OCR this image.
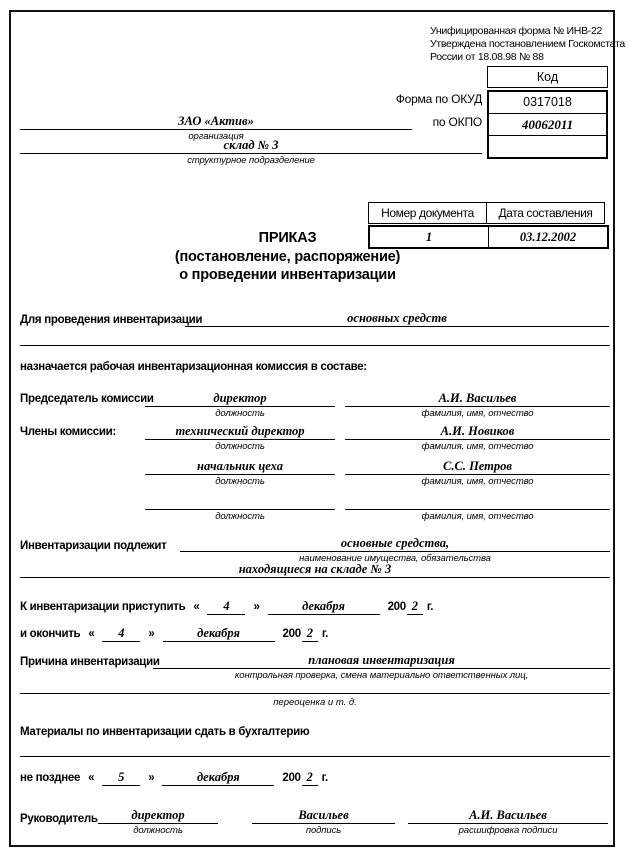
Унифицированная форма № ИНВ-22
Утверждена постановлением Госкомстата
России от 18.08.98 № 88
Код
0317018
40062011
Форма по ОКУД
по ОКПО
ЗАО «Актив»
организация
склад № 3
структурное подразделение
Номер документа	Дата составления
1	03.12.2002
ПРИКАЗ
(постановление, распоряжение)
о проведении инвентаризации
Для проведения инвентаризации	основных средств
назначается рабочая инвентаризационная комиссия в составе:
Председатель комиссии	директор
должность
А.И. Васильев
фамилия, имя, отчество
Члены комиссии:	технический директор
должность
А.И. Новиков
фамилия, имя, отчество
начальник цеха
должность
С.С. Петров
фамилия, имя, отчество
должность	фамилия, имя, отчество
Инвентаризации подлежит	основные средства,
наименование имущества, обязательства
находящиеся на складе № 3
К инвентаризации приступить «	4	»	декабря	200 2 г.
и окончить «	4	»	декабря	200 2 г.
Причина инвентаризации	плановая инвентаризация
контрольная проверка, смена материально ответственных лиц,
переоценка и т. д.
Материалы по инвентаризации сдать в бухгалтерию
не позднее «	5	»	декабря	200 2 г.
Руководитель	директор
должность
Васильев
подпись
А.И. Васильев
расшифровка подписи
